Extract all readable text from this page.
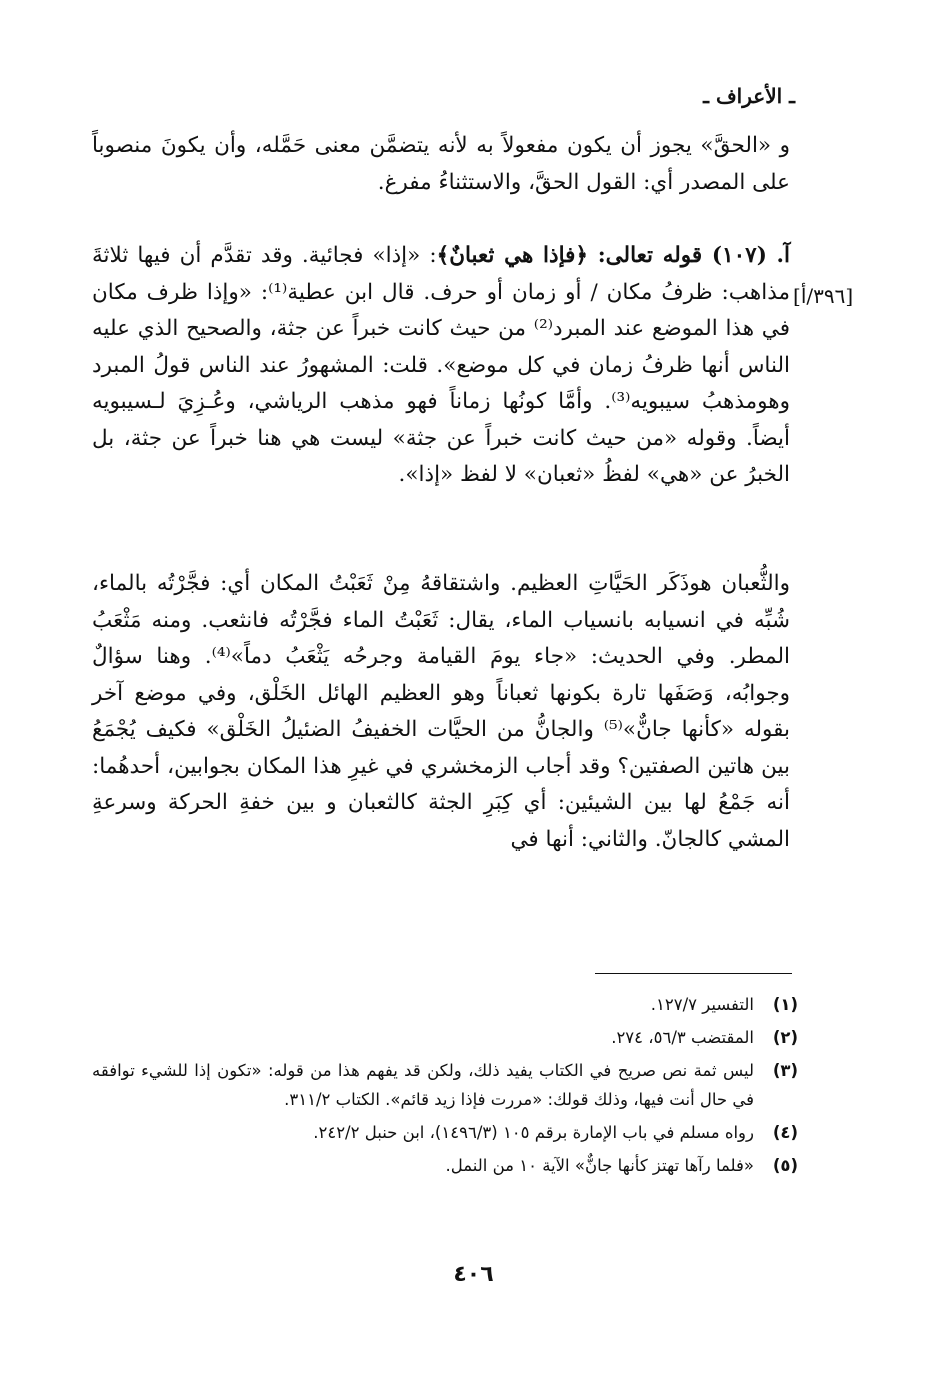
ـ الأعراف ـ
[٣٩٦/أ]

و «الحقَّ» يجوز أن يكون مفعولاً به لأنه يتضمَّن معنى حَمَّله، وأن يكونَ منصوباً على المصدر أي: القول الحقَّ، والاستثناءُ مفرغ.

آ. (١٠٧) قوله تعالى: ﴿فإذا هي ثعبانٌ﴾: «إذا» فجائية. وقد تقدَّم أن فيها ثلاثةَ مذاهب: ظرفُ مكان / أو زمان أو حرف. قال ابن عطية⁽¹⁾: «وإذا ظرف مكان في هذا الموضع عند المبرد⁽²⁾ من حيث كانت خبراً عن جثة، والصحيح الذي عليه الناس أنها ظرفُ زمان في كل موضع». قلت: المشهورُ عند الناس قولُ المبرد وهومذهبُ سيبويه⁽³⁾. وأمَّا كونُها زماناً فهو مذهب الرياشي، وعُـزِيَ لـسيبويه أيضاً. وقوله «من حيث كانت خبراً عن جثة» ليست هي هنا خبراً عن جثة، بل الخبرُ عن «هي» لفظُ «ثعبان» لا لفظ «إذا».

والثُّعبان هوذَكَر الحَيَّاتِ العظيم. واشتقاقهُ مِنْ ثَعَبْتُ المكان أي: فجَّرْتُه بالماء، شُبِّه في انسيابه بانسياب الماء، يقال: ثَعَبْتُ الماء فجَّرْتُه فانثعب. ومنه مَثْعَبُ المطر. وفي الحديث: «جاء يومَ القيامة وجرحُه يَثْعَبُ دماً»⁽⁴⁾. وهنا سؤالٌ وجوابُه، وَصَفَها تارة بكونها ثعباناً وهو العظيم الهائل الخَلْق، وفي موضع آخر بقوله «كأنها جانٌّ»⁽⁵⁾ والجانُّ من الحيَّات الخفيفُ الضئيلُ الخَلْق» فكيف يُجْمَعُ بين هاتين الصفتين؟ وقد أجاب الزمخشري في غيرِ هذا المكان بجوابين، أحدهُما: أنه جَمْعُ لها بين الشيئين: أي كِبَرِ الجثة كالثعبان و بين خفةِ الحركة وسرعةِ المشي كالجانّ. والثاني: أنها في

(١)
التفسير ١٢٧/٧.
(٢)
المقتضب ٥٦/٣، ٢٧٤.
(٣)
ليس ثمة نص صريح في الكتاب يفيد ذلك، ولكن قد يفهم هذا من قوله: «تكون إذا للشيء توافقه في حال أنت فيها، وذلك قولك: «مررت فإذا زيد قائم». الكتاب ٣١١/٢.
(٤)
رواه مسلم في باب الإمارة برقم ١٠٥ (١٤٩٦/٣)، ابن حنبل ٢٤٢/٢.
(٥)
«فلما رآها تهتز كأنها جانٌّ» الآية ١٠ من النمل.
٤٠٦
